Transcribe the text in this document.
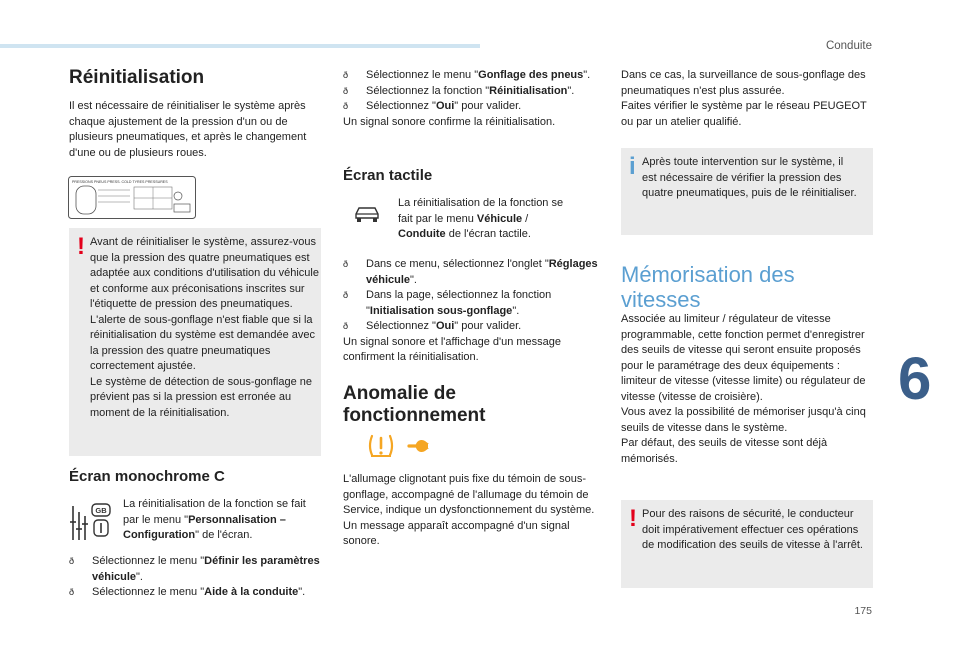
Conduite
6
175
Réinitialisation

Il est nécessaire de réinitialiser le système après chaque ajustement de la pression d'un ou de plusieurs pneumatiques, et après le changement d'une ou de plusieurs roues.

PRESSIONS PNEUS PRESS. COLD TYRES PRESSURES
! Avant de réinitialiser le système, assurez-vous que la pression des quatre pneumatiques est adaptée aux conditions d'utilisation du véhicule et conforme aux préconisations inscrites sur l'étiquette de pression des pneumatiques.

L'alerte de sous-gonflage n'est fiable que si la réinitialisation du système est demandée avec la pression des quatre pneumatiques correctement ajustée.

Le système de détection de sous-gonflage ne prévient pas si la pression est erronée au moment de la réinitialisation.

Écran monochrome C
GB

La réinitialisation de la fonction se fait par le menu "Personnalisation – Configuration" de l'écran.

ð Sélectionnez le menu "Définir les paramètres véhicule".
ð Sélectionnez le menu "Aide à la conduite".
ð Sélectionnez le menu "Gonflage des pneus".
ð Sélectionnez la fonction "Réinitialisation".
ð Sélectionnez "Oui" pour valider.

Un signal sonore confirme la réinitialisation.

Écran tactile

La réinitialisation de la fonction se fait par le menu Véhicule / Conduite de l'écran tactile.

ð Dans ce menu, sélectionnez l'onglet "Réglages véhicule".
ð Dans la page, sélectionnez la fonction "Initialisation sous-gonflage".
ð Sélectionnez "Oui" pour valider.

Un signal sonore et l'affichage d'un message confirment la réinitialisation.

Anomalie de
fonctionnement

L'allumage clignotant puis fixe du témoin de sous-gonflage, accompagné de l'allumage du témoin de Service, indique un dysfonctionnement du système.

Un message apparaît accompagné d'un signal sonore.

Dans ce cas, la surveillance de sous-gonflage des pneumatiques n'est plus assurée.

Faites vérifier le système par le réseau PEUGEOT ou par un atelier qualifié.

i Après toute intervention sur le système, il est nécessaire de vérifier la pression des quatre pneumatiques, puis de le réinitialiser.

Mémorisation des
vitesses

Associée au limiteur / régulateur de vitesse programmable, cette fonction permet d'enregistrer des seuils de vitesse qui seront ensuite proposés pour le paramétrage des deux équipements : limiteur de vitesse (vitesse limite) ou régulateur de vitesse (vitesse de croisière).

Vous avez la possibilité de mémoriser jusqu'à cinq seuils de vitesse dans le système.

Par défaut, des seuils de vitesse sont déjà mémorisés.

! Pour des raisons de sécurité, le conducteur doit impérativement effectuer ces opérations de modification des seuils de vitesse à l'arrêt.
